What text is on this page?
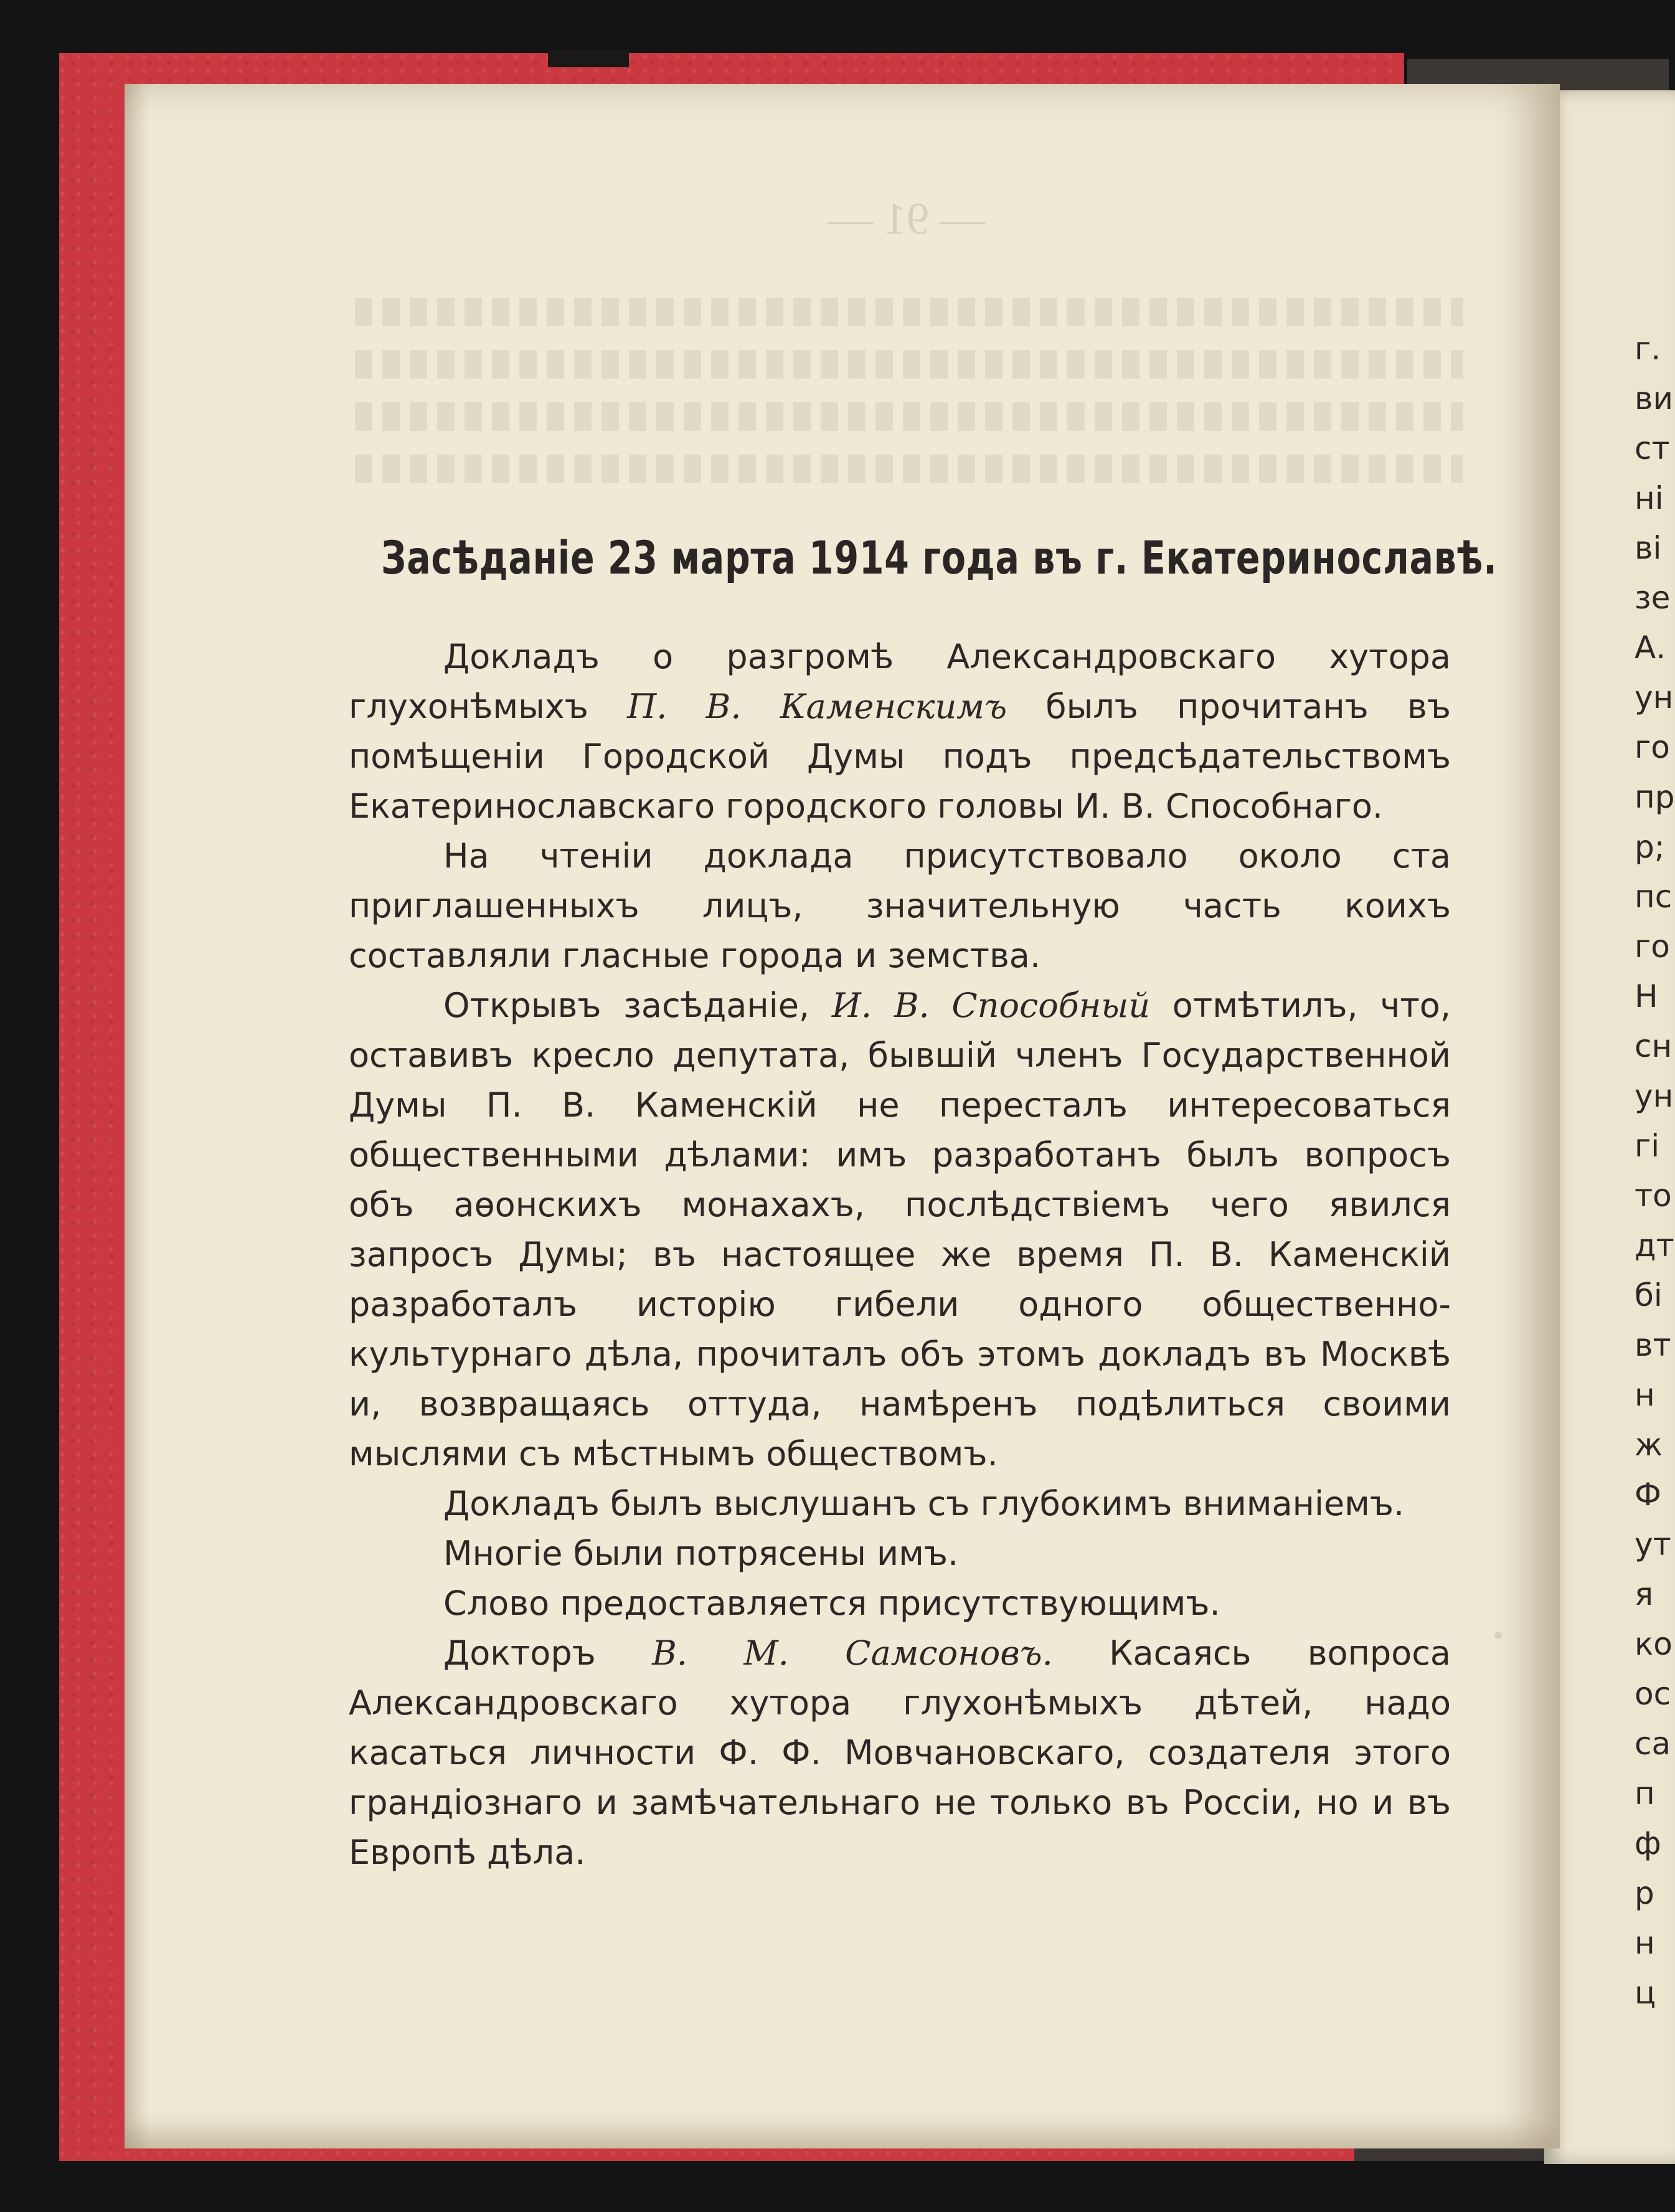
Засѣданіе 23 марта 1914 года въ г. Екатеринославѣ.

Докладъ о разгромѣ Александровскаго хутора глухонѣмыхъ П. В. Каменскимъ былъ прочитанъ въ помѣщеніи Городской Думы подъ предсѣдательствомъ Екатеринославскаго городского головы И. В. Способнаго.

На чтеніи доклада присутствовало около ста приглашенныхъ лицъ, значительную часть коихъ составляли гласные города и земства.

Открывъ засѣданіе, И. В. Способный отмѣтилъ, что, оставивъ кресло депутата, бывшій членъ Государственной Думы П. В. Каменскій не пересталъ интересоваться общественными дѣлами: имъ разработанъ былъ вопросъ объ аѳонскихъ монахахъ, послѣдствіемъ чего явился запросъ Думы; въ настоящее же время П. В. Каменскій разработалъ исторію гибели одного общественно-культурнаго дѣла, прочиталъ объ этомъ докладъ въ Москвѣ и, возвращаясь оттуда, намѣренъ подѣлиться своими мыслями съ мѣстнымъ обществомъ.

Докладъ былъ выслушанъ съ глубокимъ вниманіемъ.

Многіе были потрясены имъ.

Слово предоставляется присутствующимъ.

Докторъ В. М. Самсоновъ. Касаясь вопроса Александровскаго хутора глухонѣмыхъ дѣтей, надо касаться личности Ф. Ф. Мовчановскаго, создателя этого грандіознаго и замѣчательнаго не только въ Россіи, но и въ Европѣ дѣла.

г.
ви
ст
ні
ві
зе
А.
ун
го
пр
р;
пс
го
Н
сн
ун
гі
то
дт
бі
вт
н
ж
Ф
ут
я
ко
ос
са
п
ф
р
н
ц
